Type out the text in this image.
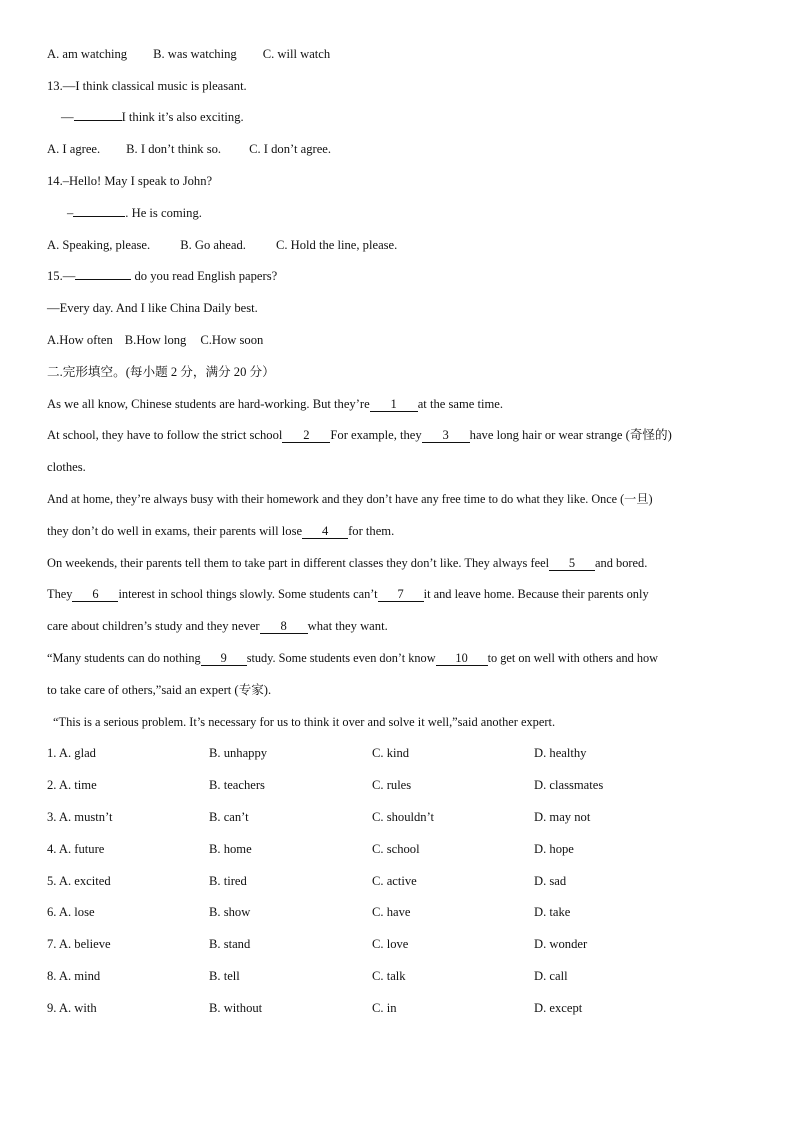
A. am watching B. was watching C. will watch
13.—I think classical music is pleasant.
—	I think it’s also exciting.
A. I agree. B. I don’t think so. C. I don’t agree.
14.–Hello! May I speak to John?
–	. He is coming.
A. Speaking, please. B. Go ahead. C. Hold the line, please.
15.—	do you read English papers?
—Every day. And I like China Daily best.
A.How often B.How long C.How soon
二.完形填空。(每小题 2 分，满分 20 分）
As we all know, Chinese students are hard-working. But they’re 1 at the same time.
At school, they have to follow the strict school 2 For example, they 3 have long hair or wear strange (奇怪的)
clothes.
And at home, they’re always busy with their homework and they don’t have any free time to do what they like. Once (一旦)
they don’t do well in exams, their parents will lose 4 for them.
On weekends, their parents tell them to take part in different classes they don’t like. They always feel 5 and bored.
They 6 interest in school things slowly. Some students can’t 7 it and leave home. Because their parents only
care about children’s study and they never 8 what they want.
“Many students can do nothing 9 study. Some students even don’t know 10 to get on well with others and how
to take care of others,”said an expert (专家).
“This is a serious problem. It’s necessary for us to think it over and solve it well,”said another expert.
1. A. glad	B. unhappy	C. kind	D. healthy
2. A. time	B. teachers	C. rules	D. classmates
3. A. mustn’t	B. can’t	C. shouldn’t	D. may not
4. A. future	B. home	C. school	D. hope
5. A. excited	B. tired	C. active	D. sad
6. A. lose	B. show	C. have	D. take
7. A. believe	B. stand	C. love	D. wonder
8. A. mind	B. tell	C. talk	D. call
9. A. with	B. without	C. in	D. except
